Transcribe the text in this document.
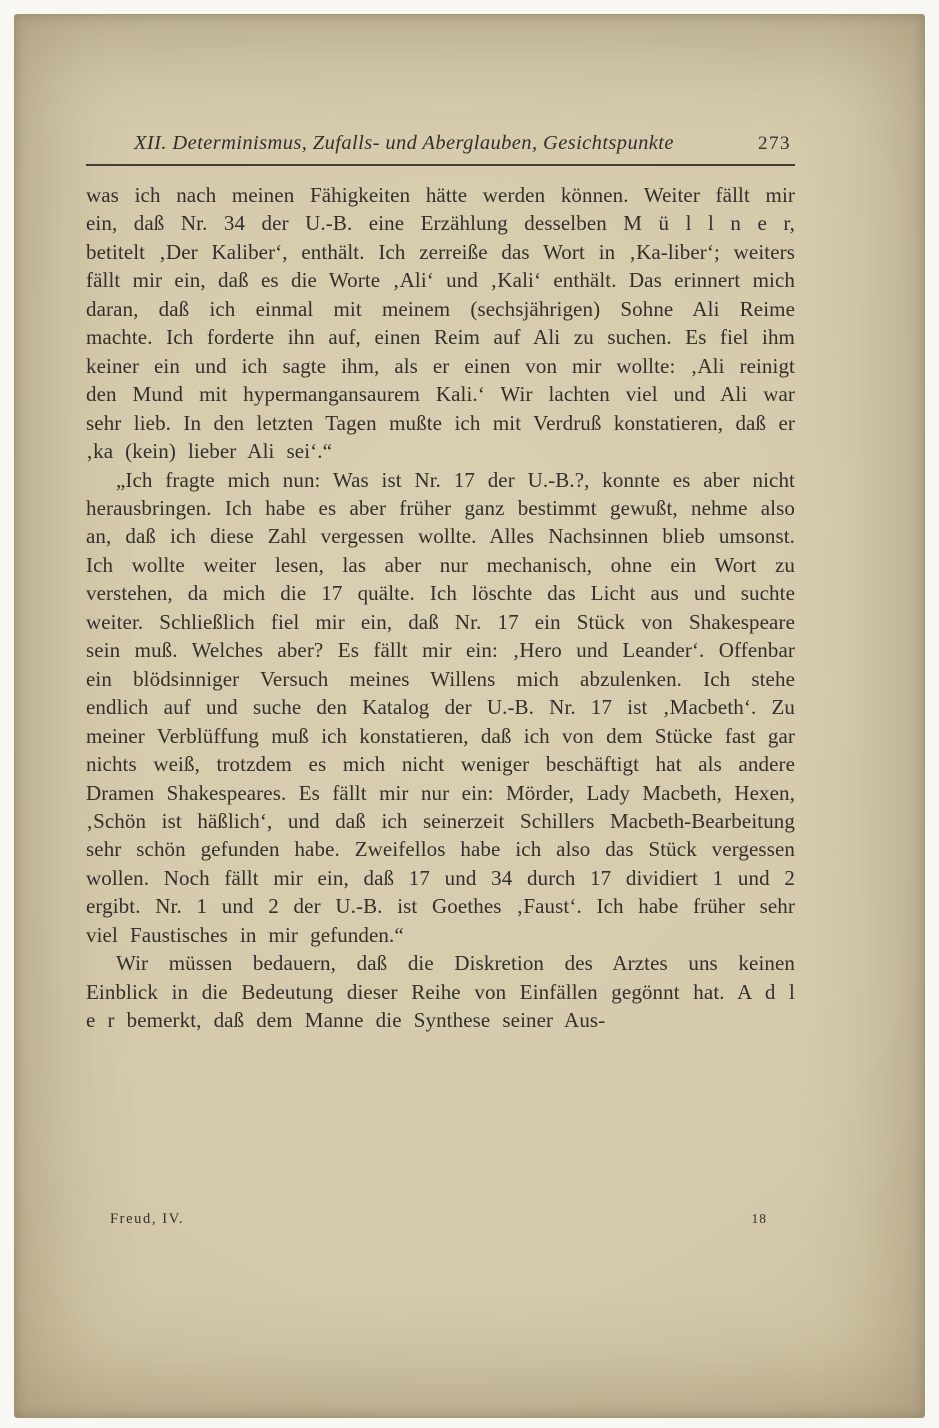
XII. Determinismus, Zufalls- und Aberglauben, Gesichtspunkte	273

was ich nach meinen Fähigkeiten hätte werden können. Weiter fällt mir ein, daß Nr. 34 der U.-B. eine Erzählung desselben M ü l l n e r, betitelt ‚Der Kaliber‘, enthält. Ich zerreiße das Wort in ‚Ka-liber‘; weiters fällt mir ein, daß es die Worte ‚Ali‘ und ‚Kali‘ enthält. Das erinnert mich daran, daß ich einmal mit meinem (sechsjährigen) Sohne Ali Reime machte. Ich forderte ihn auf, einen Reim auf Ali zu suchen. Es fiel ihm keiner ein und ich sagte ihm, als er einen von mir wollte: ‚Ali reinigt den Mund mit hypermangansaurem Kali.‘ Wir lachten viel und Ali war sehr lieb. In den letzten Tagen mußte ich mit Verdruß konstatieren, daß er ‚ka (kein) lieber Ali sei‘.“

„Ich fragte mich nun: Was ist Nr. 17 der U.-B.?, konnte es aber nicht herausbringen. Ich habe es aber früher ganz bestimmt gewußt, nehme also an, daß ich diese Zahl vergessen wollte. Alles Nachsinnen blieb umsonst. Ich wollte weiter lesen, las aber nur mechanisch, ohne ein Wort zu verstehen, da mich die 17 quälte. Ich löschte das Licht aus und suchte weiter. Schließlich fiel mir ein, daß Nr. 17 ein Stück von Shakespeare sein muß. Welches aber? Es fällt mir ein: ‚Hero und Leander‘. Offenbar ein blödsinniger Versuch meines Willens mich abzulenken. Ich stehe endlich auf und suche den Katalog der U.-B. Nr. 17 ist ‚Macbeth‘. Zu meiner Verblüffung muß ich konstatieren, daß ich von dem Stücke fast gar nichts weiß, trotzdem es mich nicht weniger beschäftigt hat als andere Dramen Shakespeares. Es fällt mir nur ein: Mörder, Lady Macbeth, Hexen, ‚Schön ist häßlich‘, und daß ich seinerzeit Schillers Macbeth-Bearbeitung sehr schön gefunden habe. Zweifellos habe ich also das Stück vergessen wollen. Noch fällt mir ein, daß 17 und 34 durch 17 dividiert 1 und 2 ergibt. Nr. 1 und 2 der U.-B. ist Goethes ‚Faust‘. Ich habe früher sehr viel Faustisches in mir gefunden.“

Wir müssen bedauern, daß die Diskretion des Arztes uns keinen Einblick in die Bedeutung dieser Reihe von Einfällen gegönnt hat. A d l e r bemerkt, daß dem Manne die Synthese seiner Aus-

Freud, IV.	18
